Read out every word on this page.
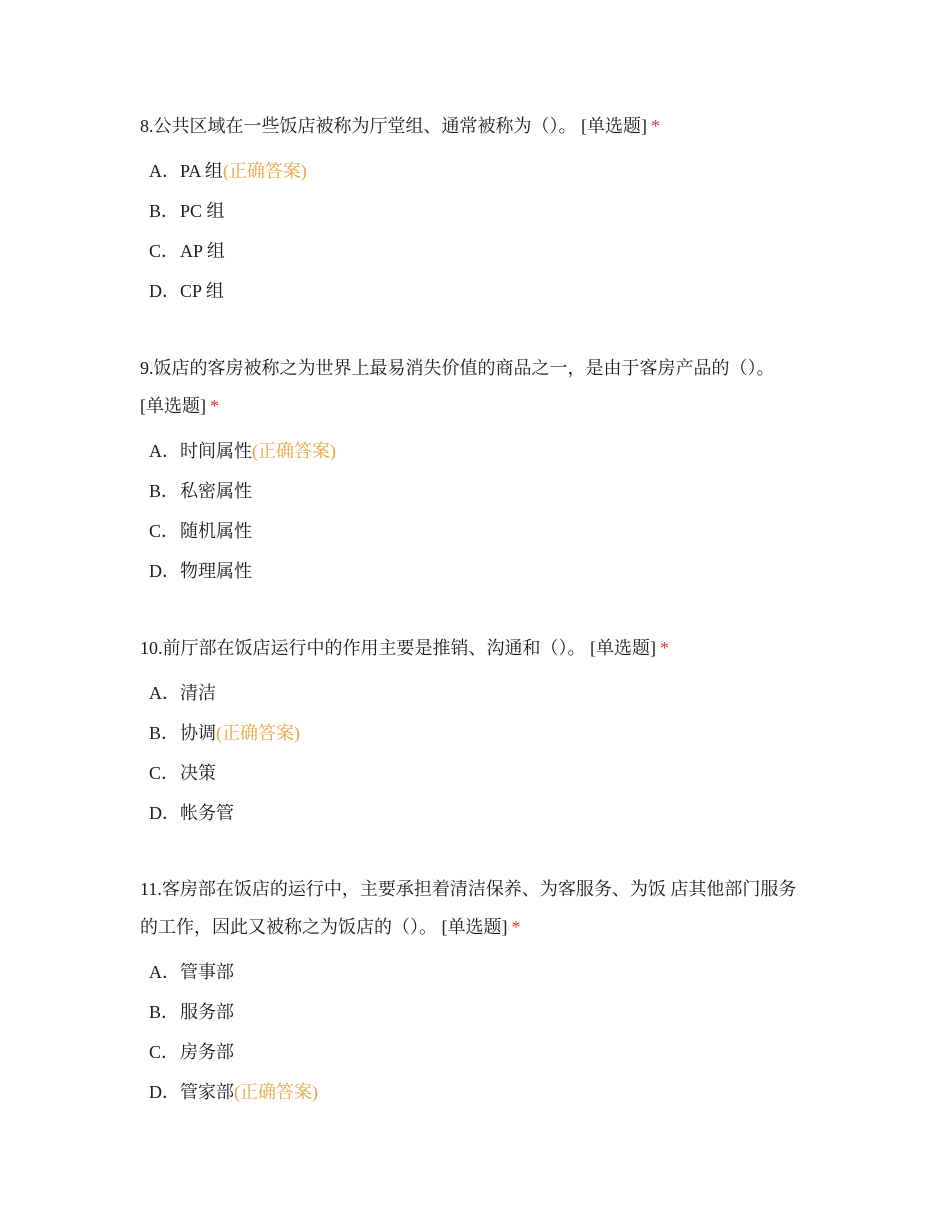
8.公共区域在一些饭店被称为厅堂组、通常被称为（）。 [单选题] *

A．PA 组(正确答案)
B．PC 组
C．AP 组
D．CP 组

9.饭店的客房被称之为世界上最易消失价值的商品之一，是由于客房产品的（）。 [单选题] *

A．时间属性(正确答案)
B．私密属性
C．随机属性
D．物理属性

10.前厅部在饭店运行中的作用主要是推销、沟通和（）。 [单选题] *

A．清洁
B．协调(正确答案)
C．决策
D．帐务管

11.客房部在饭店的运行中，主要承担着清洁保养、为客服务、为饭 店其他部门服务的工作，因此又被称之为饭店的（）。 [单选题] *

A．管事部
B．服务部
C．房务部
D．管家部(正确答案)
